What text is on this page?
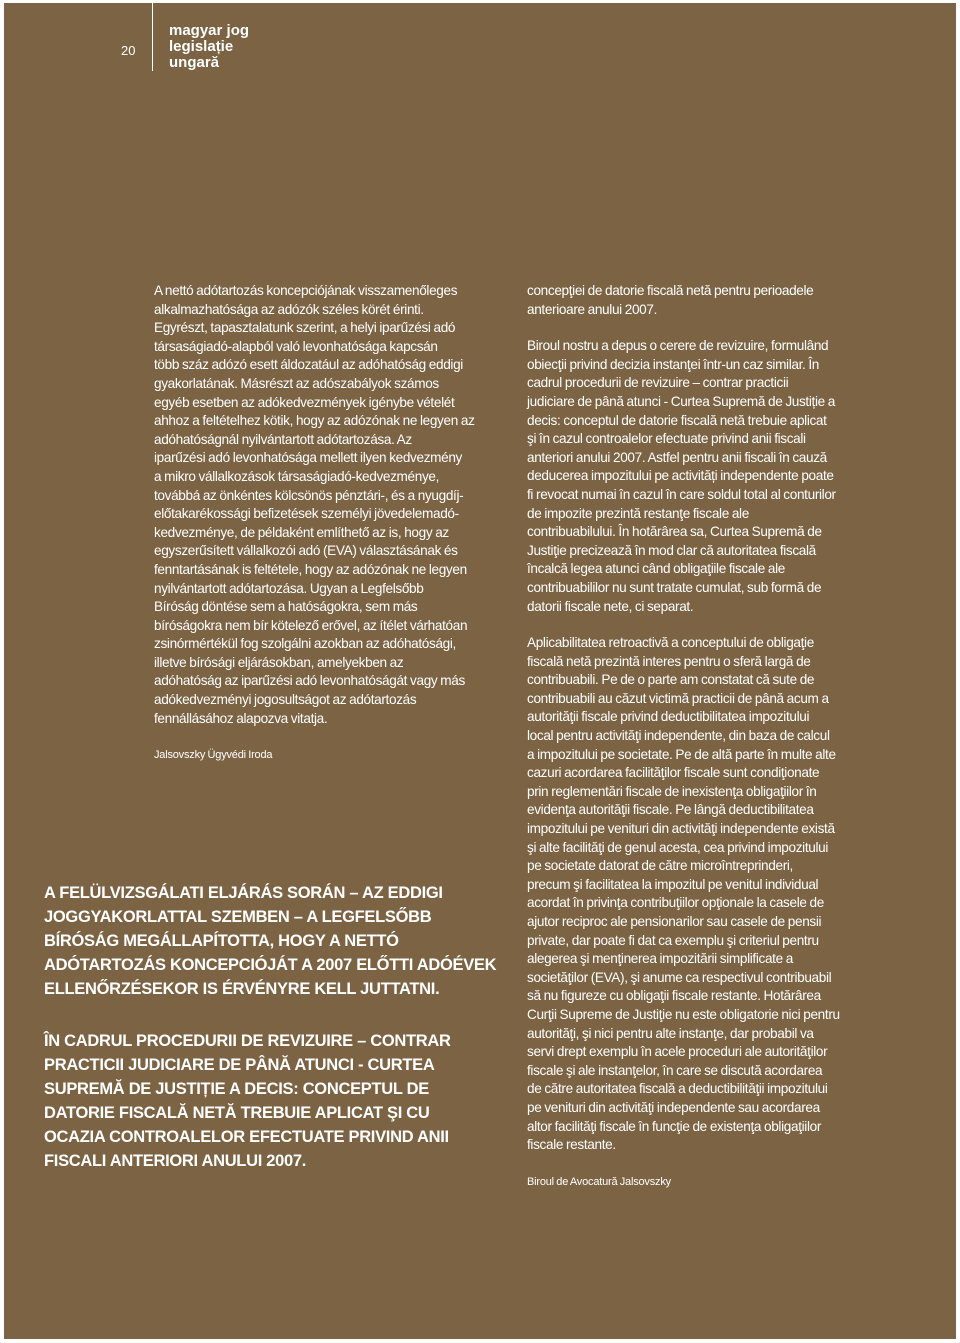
20
magyar jog
legislație
ungară

A nettó adótartozás koncepciójának visszamenőleges
alkalmazhatósága az adózók széles körét érinti.
Egyrészt, tapasztalatunk szerint, a helyi iparűzési adó
társaságiadó-alapból való levonhatósága kapcsán
több száz adózó esett áldozatául az adóhatóság eddigi
gyakorlatának. Másrészt az adószabályok számos
egyéb esetben az adókedvezmények igénybe vételét
ahhoz a feltételhez kötik, hogy az adózónak ne legyen az
adóhatóságnál nyilvántartott adótartozása. Az
iparűzési adó levonhatósága mellett ilyen kedvezmény
a mikro vállalkozások társaságiadó-kedvezménye,
továbbá az önkéntes kölcsönös pénztári-, és a nyugdíj-
előtakarékossági befizetések személyi jövedelemadó-
kedvezménye, de példaként említhető az is, hogy az
egyszerűsített vállalkozói adó (EVA) választásának és
fenntartásának is feltétele, hogy az adózónak ne legyen
nyilvántartott adótartozása. Ugyan a Legfelsőbb
Bíróság döntése sem a hatóságokra, sem más
bíróságokra nem bír kötelező erővel, az ítélet várhatóan
zsinórmértékül fog szolgálni azokban az adóhatósági,
illetve bírósági eljárásokban, amelyekben az
adóhatóság az iparűzési adó levonhatóságát vagy más
adókedvezményi jogosultságot az adótartozás
fennállásához alapozva vitatja.

Jalsovszky Ügyvédi Iroda
A FELÜLVIZSGÁLATI ELJÁRÁS SORÁN – AZ EDDIGI
JOGGYAKORLATTAL SZEMBEN – A LEGFELSŐBB
BÍRÓSÁG MEGÁLLAPÍTOTTA, HOGY A NETTÓ
ADÓTARTOZÁS KONCEPCIÓJÁT A 2007 ELŐTTI ADÓÉVEK
ELLENŐRZÉSEKOR IS ÉRVÉNYRE KELL JUTTATNI.
ÎN CADRUL PROCEDURII DE REVIZUIRE – CONTRAR
PRACTICII JUDICIARE DE PÂNĂ ATUNCI - CURTEA
SUPREMĂ DE JUSTIȚIE A DECIS: CONCEPTUL DE
DATORIE FISCALĂ NETĂ TREBUIE APLICAT ŞI CU
OCAZIA CONTROALELOR EFECTUATE PRIVIND ANII
FISCALI ANTERIORI ANULUI 2007.

concepţiei de datorie fiscală netă pentru perioadele
anterioare anului 2007.

Biroul nostru a depus o cerere de revizuire, formulând
obiecţii privind decizia instanţei într-un caz similar. În
cadrul procedurii de revizuire – contrar practicii
judiciare de până atunci - Curtea Supremă de Justiție a
decis: conceptul de datorie fiscală netă trebuie aplicat
şi în cazul controalelor efectuate privind anii fiscali
anteriori anului 2007. Astfel pentru anii fiscali în cauză
deducerea impozitului pe activități independente poate
fi revocat numai în cazul în care soldul total al conturilor
de impozite prezintă restanţe fiscale ale
contribuabilului. În hotărârea sa, Curtea Supremă de
Justiţie precizează în mod clar că autoritatea fiscală
încalcă legea atunci când obligaţiile fiscale ale
contribuabililor nu sunt tratate cumulat, sub formă de
datorii fiscale nete, ci separat.

Aplicabilitatea retroactivă a conceptului de obligaţie
fiscală netă prezintă interes pentru o sferă largă de
contribuabili. Pe de o parte am constatat că sute de
contribuabili au căzut victimă practicii de până acum a
autorităţii fiscale privind deductibilitatea impozitului
local pentru activităţi independente, din baza de calcul
a impozitului pe societate. Pe de altă parte în multe alte
cazuri acordarea facilităţilor fiscale sunt condiţionate
prin reglementări fiscale de inexistenţa obligaţiilor în
evidenţa autorităţii fiscale. Pe lângă deductibilitatea
impozitului pe venituri din activităţi independente există
şi alte facilităţi de genul acesta, cea privind impozitului
pe societate datorat de către microîntreprinderi,
precum şi facilitatea la impozitul pe venitul individual
acordat în privinţa contribuţiilor opţionale la casele de
ajutor reciproc ale pensionarilor sau casele de pensii
private, dar poate fi dat ca exemplu şi criteriul pentru
alegerea şi menţinerea impozitării simplificate a
societăţilor (EVA), şi anume ca respectivul contribuabil
să nu figureze cu obligaţii fiscale restante. Hotărârea
Curţii Supreme de Justiţie nu este obligatorie nici pentru
autorităţi, şi nici pentru alte instanţe, dar probabil va
servi drept exemplu în acele proceduri ale autorităţilor
fiscale şi ale instanţelor, în care se discută acordarea
de către autoritatea fiscală a deductibilităţii impozitului
pe venituri din activităţi independente sau acordarea
altor facilităţi fiscale în funcţie de existenţa obligaţiilor
fiscale restante.

Biroul de Avocatură Jalsovszky
